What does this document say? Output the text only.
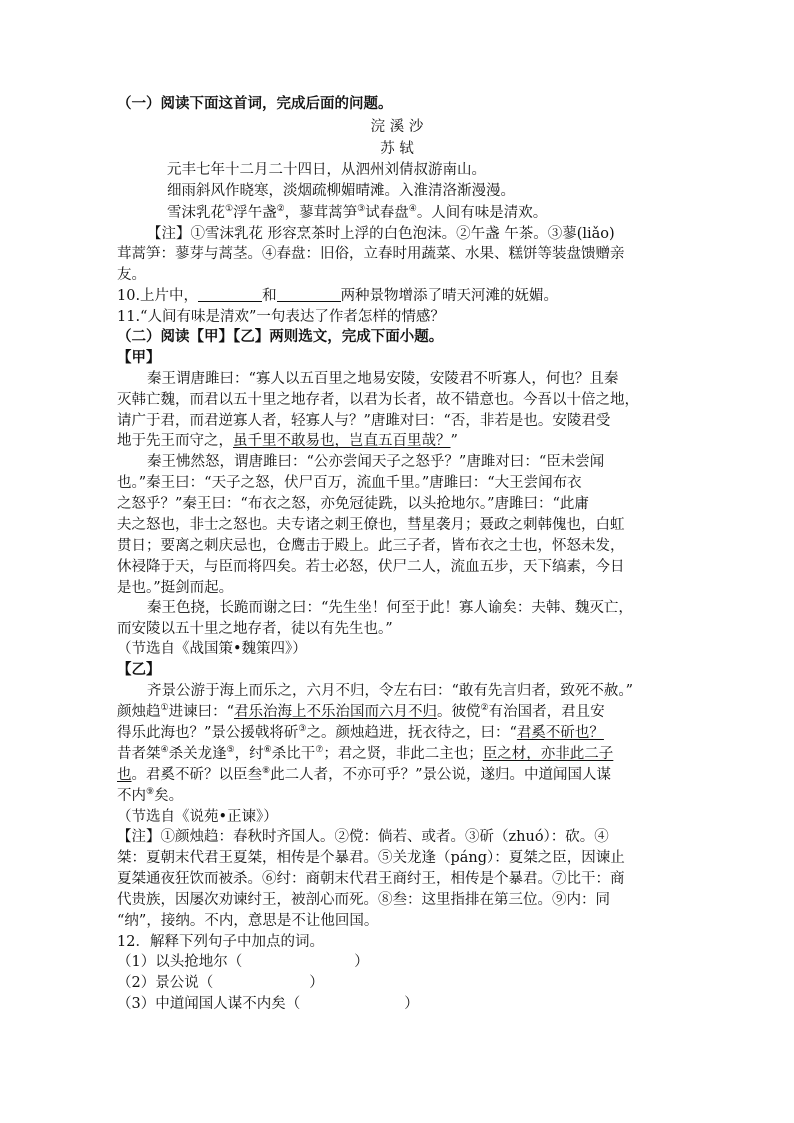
（一）阅读下面这首词，完成后面的问题。
浣 溪 沙
苏 轼
元丰七年十二月二十四日，从泗州刘倩叔游南山。
细雨斜风作晓寒，淡烟疏柳媚晴滩。入淮清洛渐漫漫。
雪沫乳花①浮午盏②，蓼茸蒿笋③试春盘④。人间有味是清欢。
【注】①雪沫乳花 形容烹茶时上浮的白色泡沫。②午盏 午茶。③蓼(liǎo)
茸蒿笋：蓼芽与蒿茎。④春盘：旧俗，立春时用蔬菜、水果、糕饼等装盘馈赠亲
友。
10.上片中，	和	两种景物增添了晴天河滩的妩媚。
11.“人间有味是清欢”一句表达了作者怎样的情感？
（二）阅读【甲】【乙】两则选文，完成下面小题。
【甲】
秦王谓唐雎曰：“寡人以五百里之地易安陵，安陵君不听寡人，何也？且秦
灭韩亡魏，而君以五十里之地存者，以君为长者，故不错意也。今吾以十倍之地，
请广于君，而君逆寡人者，轻寡人与？”唐雎对曰：“否，非若是也。安陵君受
地于先王而守之，虽千里不敢易也，岂直五百里哉？”
秦王怫然怒，谓唐雎曰：“公亦尝闻天子之怒乎？”唐雎对曰：“臣未尝闻
也。”秦王曰：“天子之怒，伏尸百万，流血千里。”唐雎曰：“大王尝闻布衣
之怒乎？”秦王曰：“布衣之怒，亦免冠徒跣，以头抢地尔。”唐雎曰：“此庸
夫之怒也，非士之怒也。夫专诸之刺王僚也，彗星袭月；聂政之刺韩傀也，白虹
贯日；要离之刺庆忌也，仓鹰击于殿上。此三子者，皆布衣之士也，怀怒未发，
休祲降于天，与臣而将四矣。若士必怒，伏尸二人，流血五步，天下缟素，今日
是也。”挺剑而起。
秦王色挠，长跪而谢之曰：“先生坐！何至于此！寡人谕矣：夫韩、魏灭亡，
而安陵以五十里之地存者，徒以有先生也。”
（节选自《战国策•魏策四》）
【乙】
齐景公游于海上而乐之，六月不归，令左右曰：“敢有先言归者，致死不赦。”
颜烛趋①进谏曰：“君乐治海上不乐治国而六月不归。彼傥②有治国者，君且安
得乐此海也？”景公援戟将斫③之。颜烛趋进，抚衣待之，曰：“君奚不斫也？
昔者桀④杀关龙逢⑤，纣⑥杀比干⑦；君之贤，非此二主也；臣之材，亦非此二子
也。君奚不斫？以臣叁⑧此二人者，不亦可乎？”景公说，遂归。中道闻国人谋
不内⑨矣。
（节选自《说苑•正谏》）
【注】①颜烛趋：春秋时齐国人。②傥：倘若、或者。③斫（zhuó）：砍。④
桀：夏朝末代君王夏桀，相传是个暴君。⑤关龙逢（páng）：夏桀之臣，因谏止
夏桀通夜狂饮而被杀。⑥纣：商朝末代君王商纣王，相传是个暴君。⑦比干：商
代贵族，因屡次劝谏纣王，被剖心而死。⑧叁：这里指排在第三位。⑨内：同
“纳”，接纳。不内，意思是不让他回国。
12．解释下列句子中加点的词。
（1）以头抢地尔（	）
（2）景公说（	）
（3）中道闻国人谋不内矣（	）
